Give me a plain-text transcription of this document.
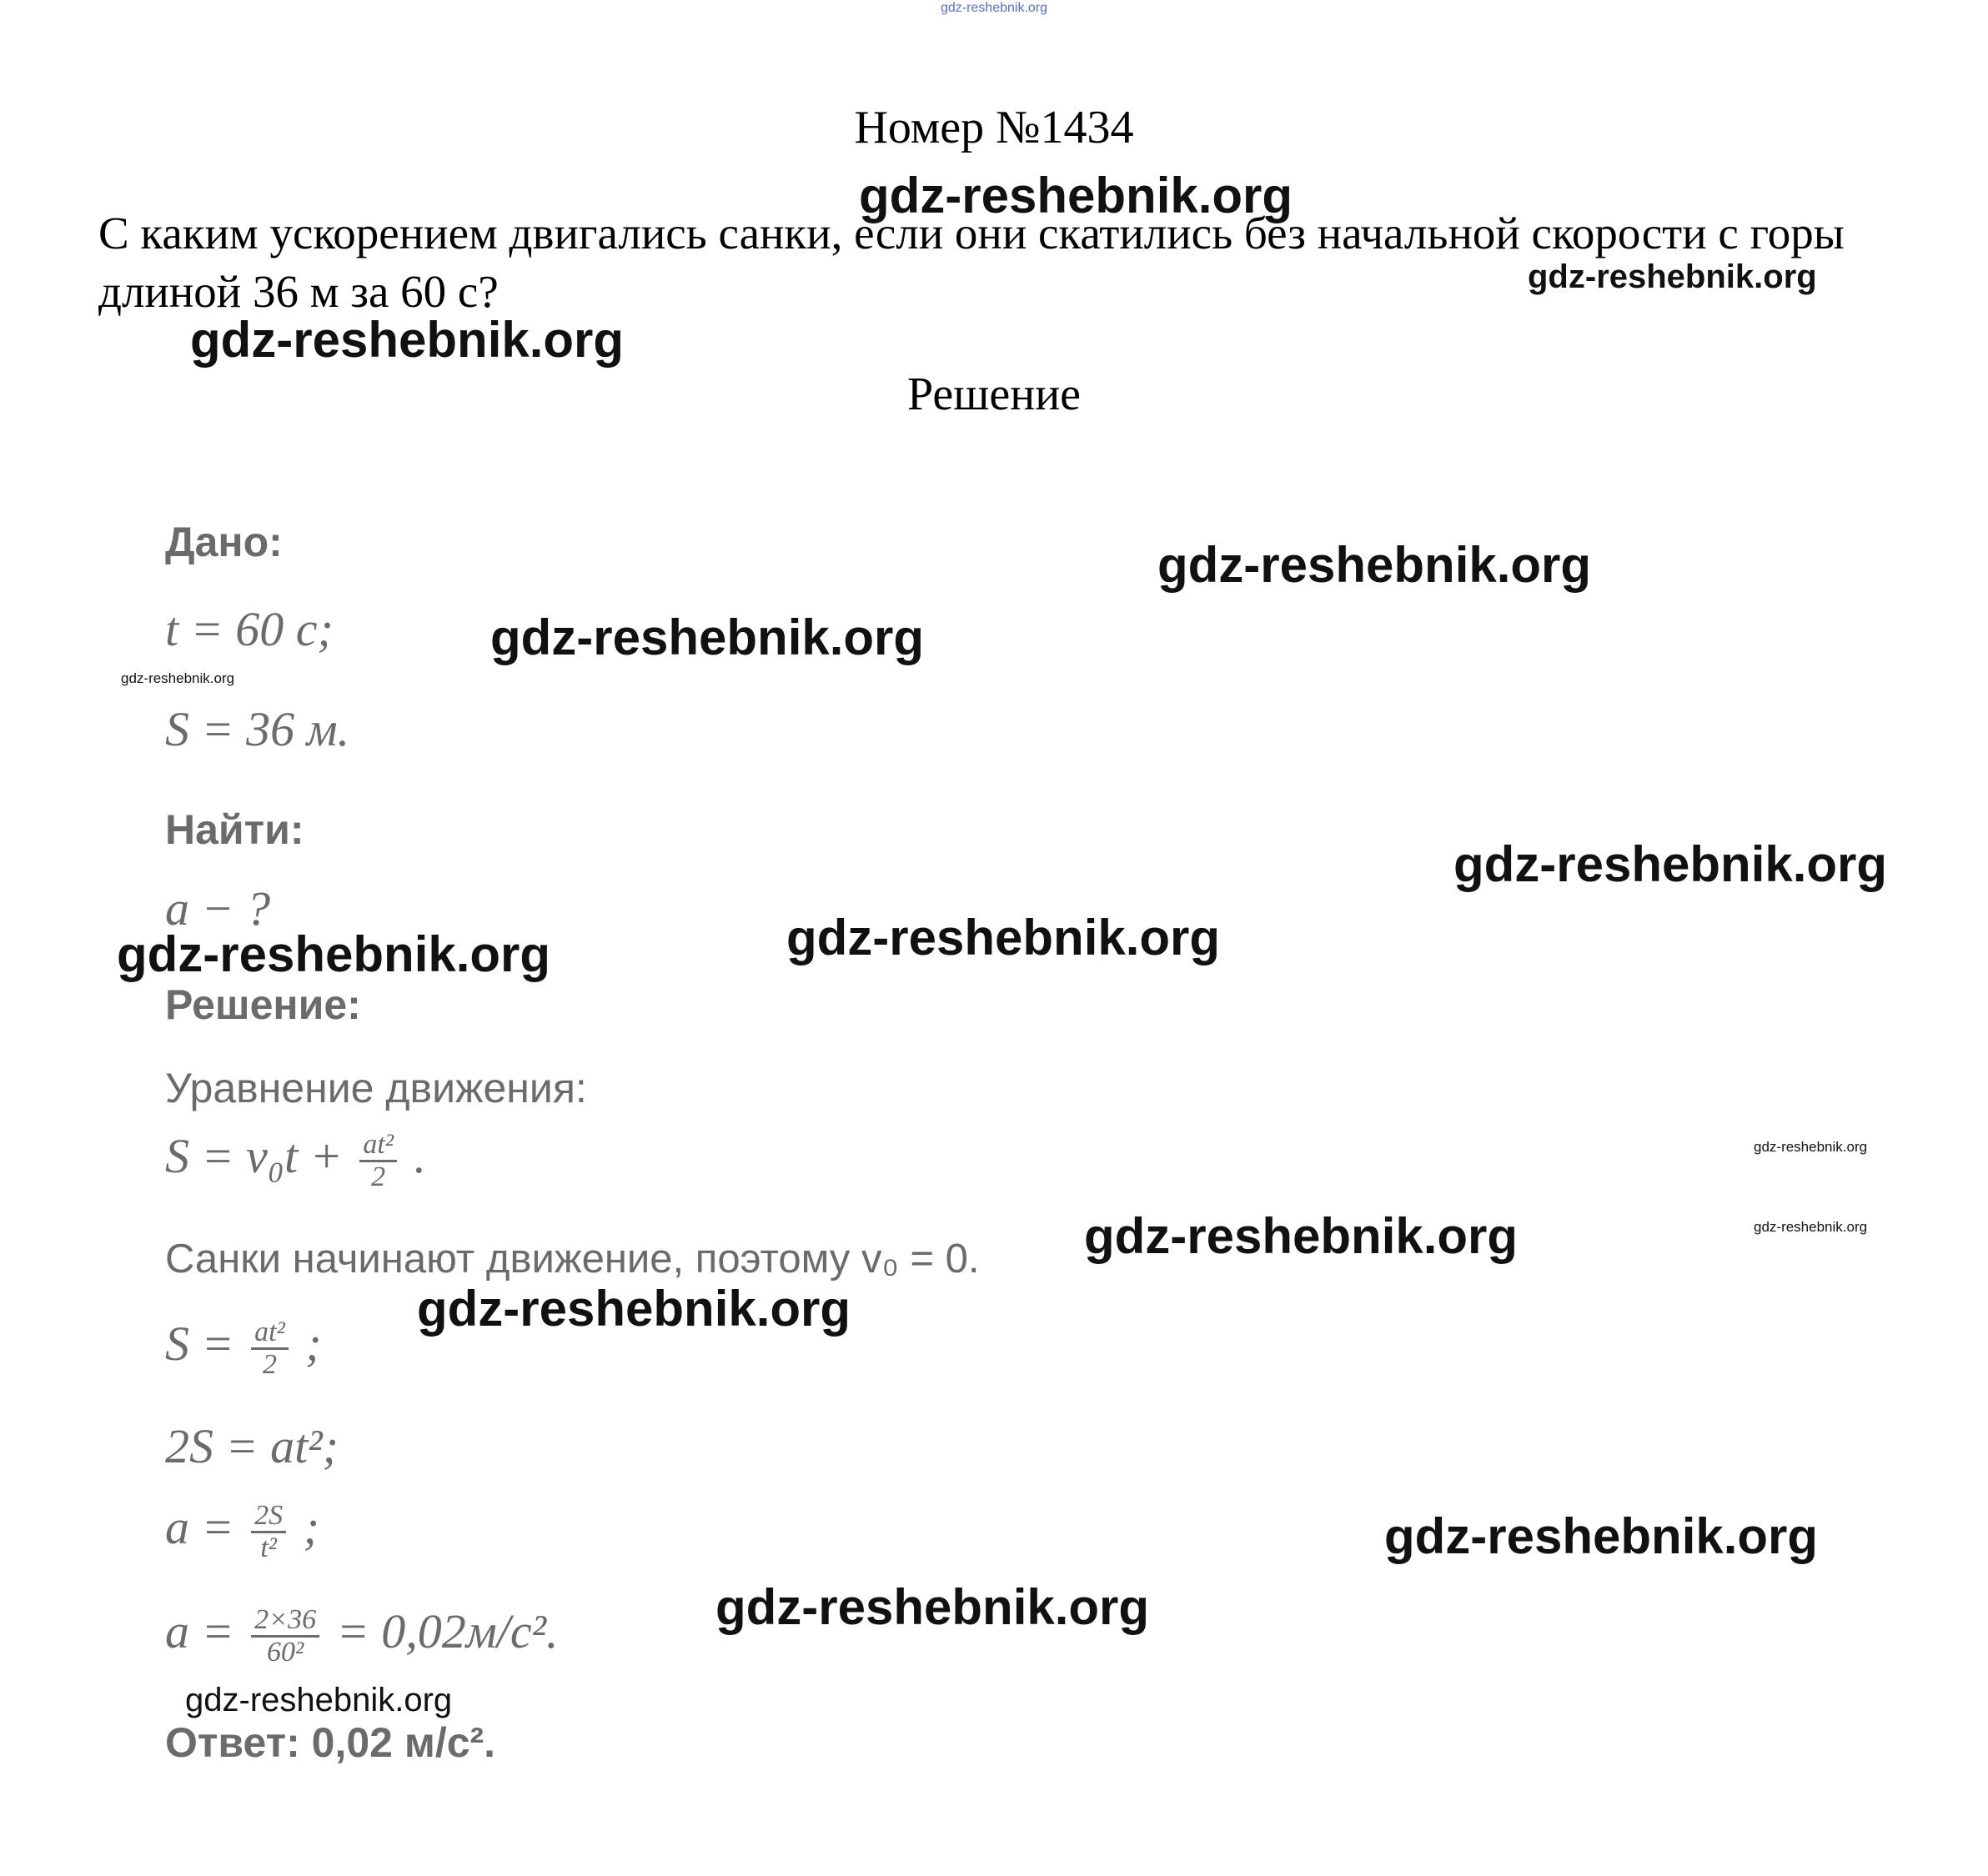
gdz-reshebnik.org
Номер №1434
С каким ускорением двигались санки, если они скатились без начальной скорости с горы длиной 36 м за 60 с?
Решение
Дано:
t = 60 c;
S = 36 м.
Найти:
a − ?
Решение:
Уравнение движения:
$S = v_0t + \frac{\text{at²}}{2}$ .
Санки начинают движение, поэтому v₀ = 0.
$S = \frac{\text{at²}}{2}$ ;
2S = at²;
$a = \frac{2S}{\text{t²}}$ ;
$a = \frac{2\times 36}{\text{60²}} = 0,02м/с^2$.
Ответ: 0,02 м/с².
gdz-reshebnik.org
gdz-reshebnik.org
gdz-reshebnik.org
gdz-reshebnik.org
gdz-reshebnik.org
gdz-reshebnik.org
gdz-reshebnik.org
gdz-reshebnik.org
gdz-reshebnik.org
gdz-reshebnik.org
gdz-reshebnik.org	gdz-reshebnik.org
gdz-reshebnik.org
gdz-reshebnik.org
gdz-reshebnik.org
gdz-reshebnik.org
